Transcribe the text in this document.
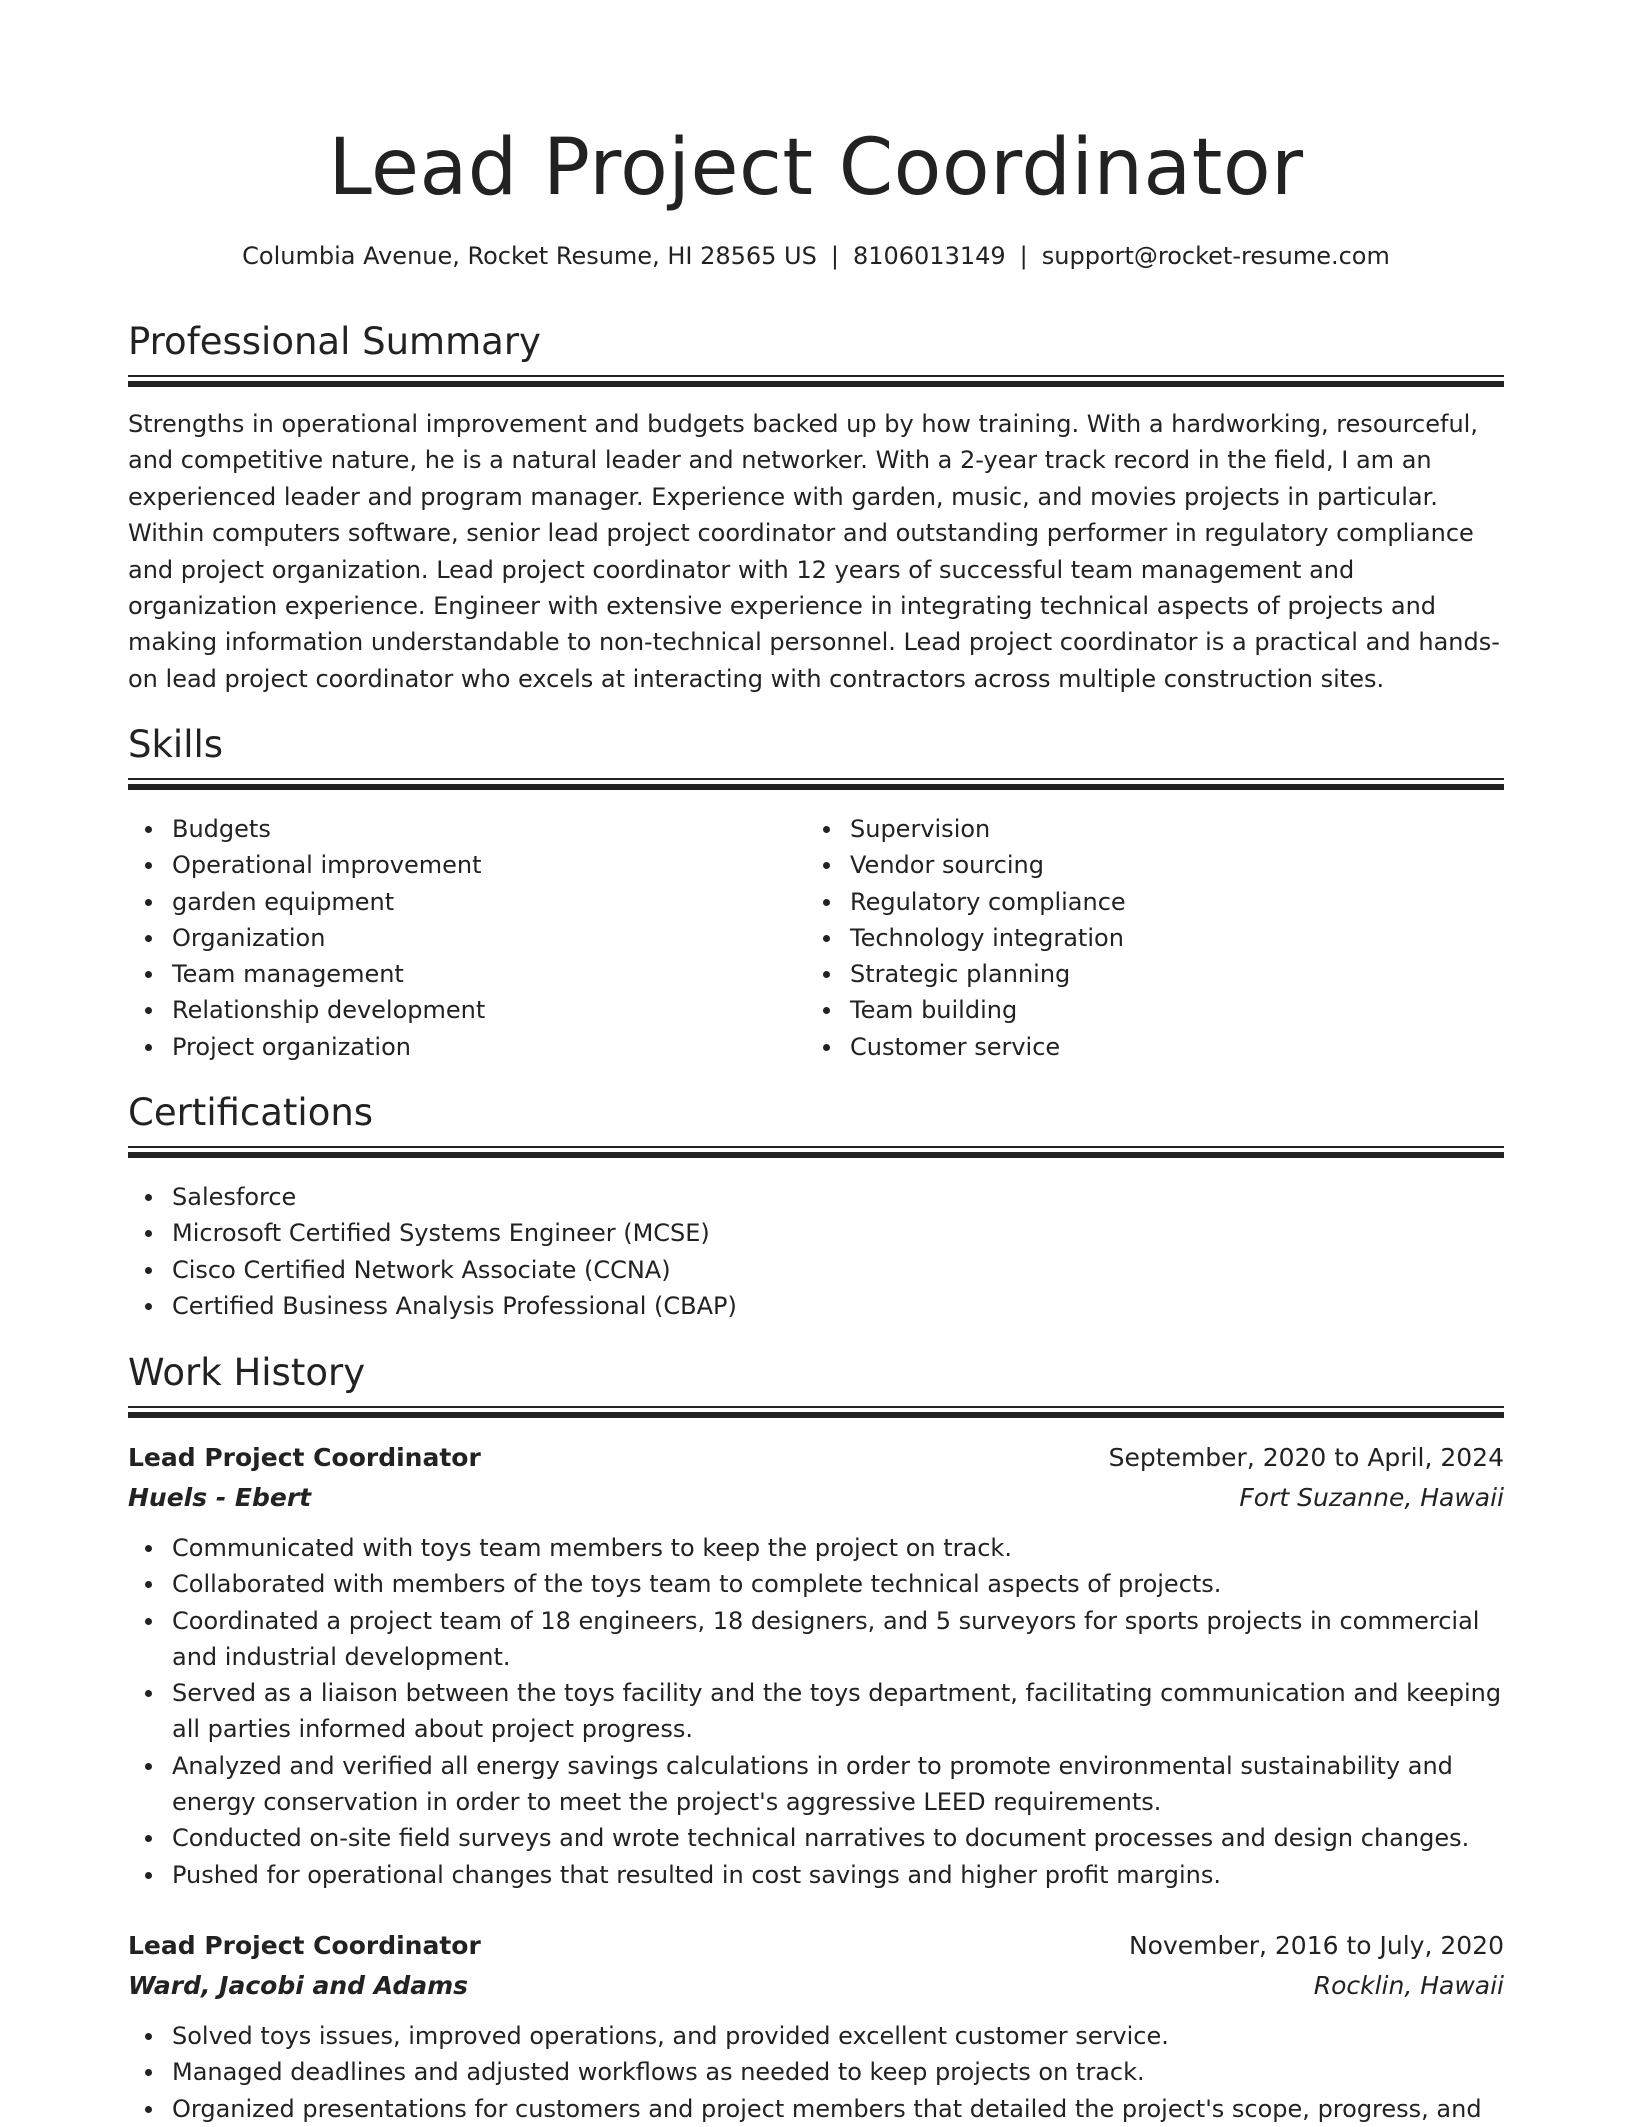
Lead Project Coordinator
Columbia Avenue, Rocket Resume, HI 28565 US | 8106013149 | support@rocket-resume.com
Professional Summary

Strengths in operational improvement and budgets backed up by how training. With a hardworking, resourceful, and competitive nature, he is a natural leader and networker. With a 2-year track record in the field, I am an experienced leader and program manager. Experience with garden, music, and movies projects in particular. Within computers software, senior lead project coordinator and outstanding performer in regulatory compliance and project organization. Lead project coordinator with 12 years of successful team management and organization experience. Engineer with extensive experience in integrating technical aspects of projects and making information understandable to non-technical personnel. Lead project coordinator is a practical and hands-on lead project coordinator who excels at interacting with contractors across multiple construction sites.

Skills
Budgets
Operational improvement
garden equipment
Organization
Team management
Relationship development
Project organization
Supervision
Vendor sourcing
Regulatory compliance
Technology integration
Strategic planning
Team building
Customer service
Certifications
Salesforce
Microsoft Certified Systems Engineer (MCSE)
Cisco Certified Network Associate (CCNA)
Certified Business Analysis Professional (CBAP)
Work History
Lead Project Coordinator	September, 2020 to April, 2024
Huels - Ebert	Fort Suzanne, Hawaii
Communicated with toys team members to keep the project on track.
Collaborated with members of the toys team to complete technical aspects of projects.
Coordinated a project team of 18 engineers, 18 designers, and 5 surveyors for sports projects in commercial and industrial development.
Served as a liaison between the toys facility and the toys department, facilitating communication and keeping all parties informed about project progress.
Analyzed and verified all energy savings calculations in order to promote environmental sustainability and energy conservation in order to meet the project's aggressive LEED requirements.
Conducted on-site field surveys and wrote technical narratives to document processes and design changes.
Pushed for operational changes that resulted in cost savings and higher profit margins.
Lead Project Coordinator	November, 2016 to July, 2020
Ward, Jacobi and Adams	Rocklin, Hawaii
Solved toys issues, improved operations, and provided excellent customer service.
Managed deadlines and adjusted workflows as needed to keep projects on track.
Organized presentations for customers and project members that detailed the project's scope, progress, and
